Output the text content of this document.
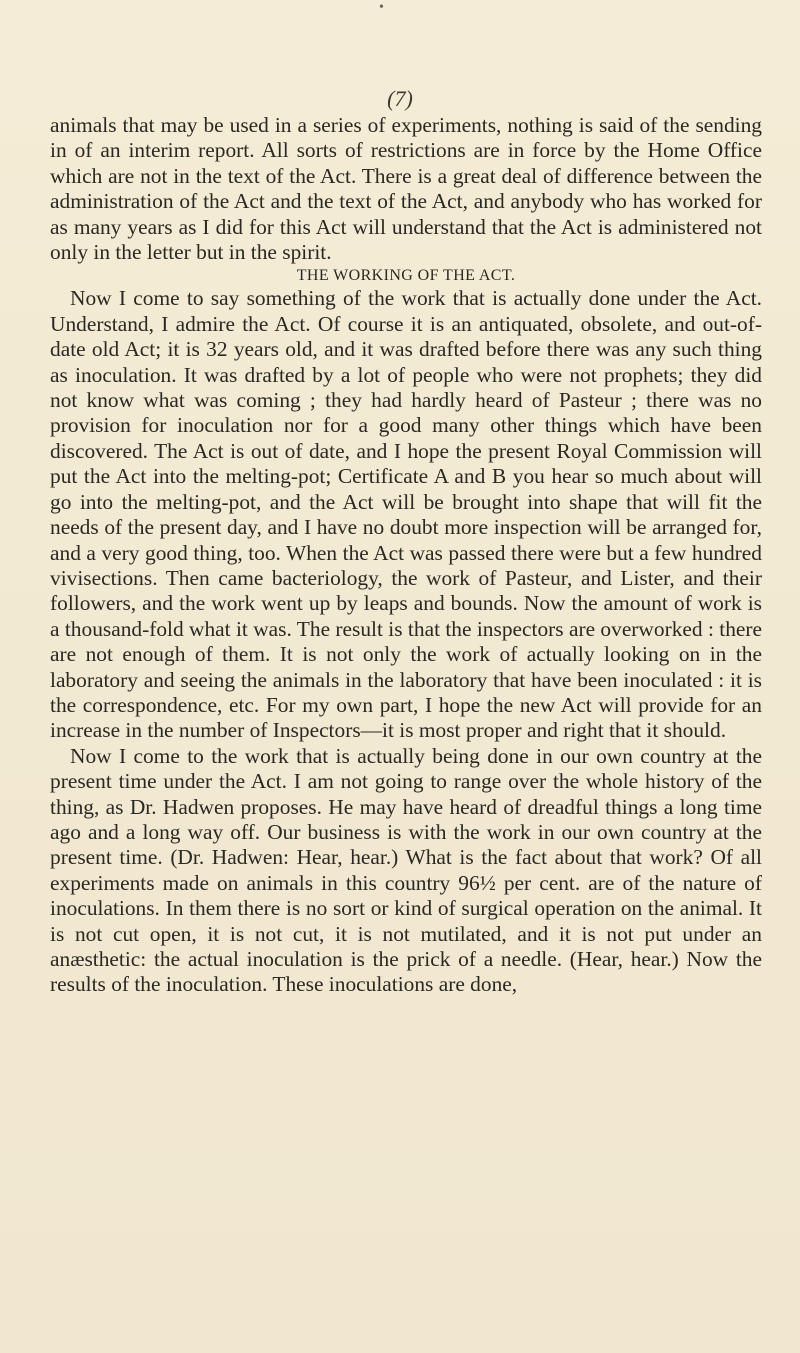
•
(7)

animals that may be used in a series of experiments, nothing is said of the sending in of an interim report. All sorts of restrictions are in force by the Home Office which are not in the text of the Act. There is a great deal of difference between the administration of the Act and the text of the Act, and anybody who has worked for as many years as I did for this Act will understand that the Act is administered not only in the letter but in the spirit.

THE WORKING OF THE ACT.

Now I come to say something of the work that is actually done under the Act. Understand, I admire the Act. Of course it is an antiquated, obsolete, and out-of-date old Act; it is 32 years old, and it was drafted before there was any such thing as inoculation. It was drafted by a lot of people who were not prophets; they did not know what was coming ; they had hardly heard of Pasteur ; there was no provision for inoculation nor for a good many other things which have been discovered. The Act is out of date, and I hope the present Royal Commission will put the Act into the melting-pot; Certificate A and B you hear so much about will go into the melting-pot, and the Act will be brought into shape that will fit the needs of the present day, and I have no doubt more inspection will be arranged for, and a very good thing, too. When the Act was passed there were but a few hundred vivisections. Then came bacteriology, the work of Pasteur, and Lister, and their followers, and the work went up by leaps and bounds. Now the amount of work is a thousand-fold what it was. The result is that the inspectors are overworked : there are not enough of them. It is not only the work of actually looking on in the laboratory and seeing the animals in the laboratory that have been inoculated : it is the correspondence, etc. For my own part, I hope the new Act will provide for an increase in the number of Inspectors—it is most proper and right that it should.

Now I come to the work that is actually being done in our own country at the present time under the Act. I am not going to range over the whole history of the thing, as Dr. Hadwen proposes. He may have heard of dreadful things a long time ago and a long way off. Our business is with the work in our own country at the present time. (Dr. Hadwen: Hear, hear.) What is the fact about that work? Of all experiments made on animals in this country 96½ per cent. are of the nature of inoculations. In them there is no sort or kind of surgical operation on the animal. It is not cut open, it is not cut, it is not mutilated, and it is not put under an anæsthetic: the actual inoculation is the prick of a needle. (Hear, hear.) Now the results of the inoculation. These inoculations are done,
